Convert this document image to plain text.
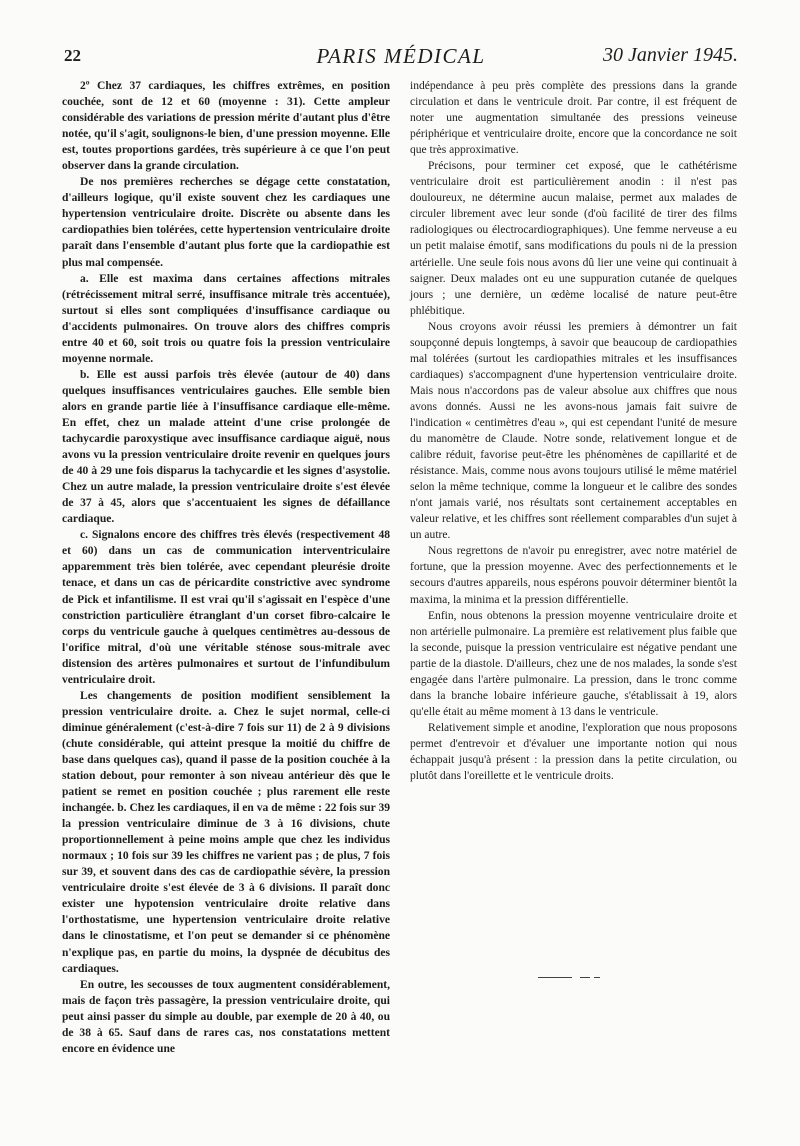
22	PARIS MÉDICAL	30 Janvier 1945.

2º Chez 37 cardiaques, les chiffres extrêmes, en position couchée, sont de 12 et 60 (moyenne : 31). Cette ampleur considérable des variations de pression mérite d'autant plus d'être notée, qu'il s'agit, soulignons-le bien, d'une pression moyenne. Elle est, toutes proportions gardées, très supérieure à ce que l'on peut observer dans la grande circulation.

De nos premières recherches se dégage cette constatation, d'ailleurs logique, qu'il existe souvent chez les cardiaques une hypertension ventriculaire droite. Discrète ou absente dans les cardiopathies bien tolérées, cette hypertension ventriculaire droite paraît dans l'ensemble d'autant plus forte que la cardiopathie est plus mal compensée.

a. Elle est maxima dans certaines affections mitrales (rétrécissement mitral serré, insuffisance mitrale très accentuée), surtout si elles sont compliquées d'insuffisance cardiaque ou d'accidents pulmonaires. On trouve alors des chiffres compris entre 40 et 60, soit trois ou quatre fois la pression ventriculaire moyenne normale.

b. Elle est aussi parfois très élevée (autour de 40) dans quelques insuffisances ventriculaires gauches. Elle semble bien alors en grande partie liée à l'insuffisance cardiaque elle-même. En effet, chez un malade atteint d'une crise prolongée de tachycardie paroxystique avec insuffisance cardiaque aiguë, nous avons vu la pression ventriculaire droite revenir en quelques jours de 40 à 29 une fois disparus la tachycardie et les signes d'asystolie. Chez un autre malade, la pression ventriculaire droite s'est élevée de 37 à 45, alors que s'accentuaient les signes de défaillance cardiaque.

c. Signalons encore des chiffres très élevés (respectivement 48 et 60) dans un cas de communication interventriculaire apparemment très bien tolérée, avec cependant pleurésie droite tenace, et dans un cas de péricardite constrictive avec syndrome de Pick et infantilisme. Il est vrai qu'il s'agissait en l'espèce d'une constriction particulière étranglant d'un corset fibro-calcaire le corps du ventricule gauche à quelques centimètres au-dessous de l'orifice mitral, d'où une véritable sténose sous-mitrale avec distension des artères pulmonaires et surtout de l'infundibulum ventriculaire droit.

Les changements de position modifient sensiblement la pression ventriculaire droite. a. Chez le sujet normal, celle-ci diminue généralement (c'est-à-dire 7 fois sur 11) de 2 à 9 divisions (chute considérable, qui atteint presque la moitié du chiffre de base dans quelques cas), quand il passe de la position couchée à la station debout, pour remonter à son niveau antérieur dès que le patient se remet en position couchée ; plus rarement elle reste inchangée. b. Chez les cardiaques, il en va de même : 22 fois sur 39 la pression ventriculaire diminue de 3 à 16 divisions, chute proportionnellement à peine moins ample que chez les individus normaux ; 10 fois sur 39 les chiffres ne varient pas ; de plus, 7 fois sur 39, et souvent dans des cas de cardiopathie sévère, la pression ventriculaire droite s'est élevée de 3 à 6 divisions. Il paraît donc exister une hypotension ventriculaire droite relative dans l'orthostatisme, une hypertension ventriculaire droite relative dans le clinostatisme, et l'on peut se demander si ce phénomène n'explique pas, en partie du moins, la dyspnée de décubitus des cardiaques.

En outre, les secousses de toux augmentent considérablement, mais de façon très passagère, la pression ventriculaire droite, qui peut ainsi passer du simple au double, par exemple de 20 à 40, ou de 38 à 65. Sauf dans de rares cas, nos constatations mettent encore en évidence une

indépendance à peu près complète des pressions dans la grande circulation et dans le ventricule droit. Par contre, il est fréquent de noter une augmentation simultanée des pressions veineuse périphérique et ventriculaire droite, encore que la concordance ne soit que très approximative.

Précisons, pour terminer cet exposé, que le cathétérisme ventriculaire droit est particulièrement anodin : il n'est pas douloureux, ne détermine aucun malaise, permet aux malades de circuler librement avec leur sonde (d'où facilité de tirer des films radiologiques ou électrocardiographiques). Une femme nerveuse a eu un petit malaise émotif, sans modifications du pouls ni de la pression artérielle. Une seule fois nous avons dû lier une veine qui continuait à saigner. Deux malades ont eu une suppuration cutanée de quelques jours ; une dernière, un œdème localisé de nature peut-être phlébitique.

Nous croyons avoir réussi les premiers à démontrer un fait soupçonné depuis longtemps, à savoir que beaucoup de cardiopathies mal tolérées (surtout les cardiopathies mitrales et les insuffisances cardiaques) s'accompagnent d'une hypertension ventriculaire droite. Mais nous n'accordons pas de valeur absolue aux chiffres que nous avons donnés. Aussi ne les avons-nous jamais fait suivre de l'indication « centimètres d'eau », qui est cependant l'unité de mesure du manomètre de Claude. Notre sonde, relativement longue et de calibre réduit, favorise peut-être les phénomènes de capillarité et de résistance. Mais, comme nous avons toujours utilisé le même matériel selon la même technique, comme la longueur et le calibre des sondes n'ont jamais varié, nos résultats sont certainement acceptables en valeur relative, et les chiffres sont réellement comparables d'un sujet à un autre.

Nous regrettons de n'avoir pu enregistrer, avec notre matériel de fortune, que la pression moyenne. Avec des perfectionnements et le secours d'autres appareils, nous espérons pouvoir déterminer bientôt la maxima, la minima et la pression différentielle.

Enfin, nous obtenons la pression moyenne ventriculaire droite et non artérielle pulmonaire. La première est relativement plus faible que la seconde, puisque la pression ventriculaire est négative pendant une partie de la diastole. D'ailleurs, chez une de nos malades, la sonde s'est engagée dans l'artère pulmonaire. La pression, dans le tronc comme dans la branche lobaire inférieure gauche, s'établissait à 19, alors qu'elle était au même moment à 13 dans le ventricule.

Relativement simple et anodine, l'exploration que nous proposons permet d'entrevoir et d'évaluer une importante notion qui nous échappait jusqu'à présent : la pression dans la petite circulation, ou plutôt dans l'oreillette et le ventricule droits.
